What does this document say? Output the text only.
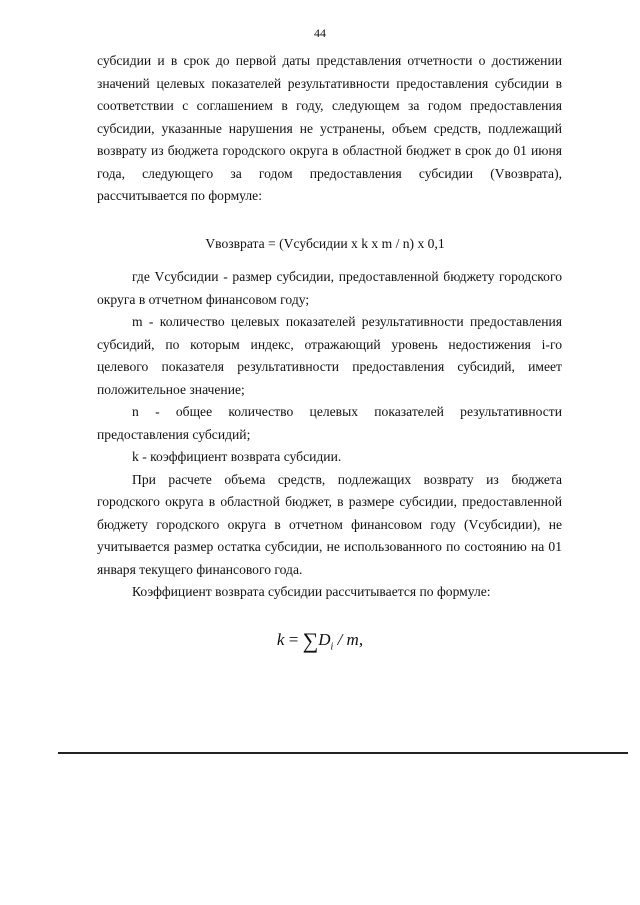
44

субсидии и в срок до первой даты представления отчетности о достижении значений целевых показателей результативности предоставления субсидии в соответствии с соглашением в году, следующем за годом предоставления субсидии, указанные нарушения не устранены, объем средств, подлежащий возврату из бюджета городского округа в областной бюджет в срок до 01 июня года, следующего за годом предоставления субсидии (Vвозврата), рассчитывается по формуле:

Vвозврата = (Vсубсидии x k x m / n) x 0,1

где Vсубсидии - размер субсидии, предоставленной бюджету городского округа в отчетном финансовом году;

m - количество целевых показателей результативности предоставления субсидий, по которым индекс, отражающий уровень недостижения i-го целевого показателя результативности предоставления субсидий, имеет положительное значение;

n - общее количество целевых показателей результативности предоставления субсидий;

k - коэффициент возврата субсидии.

При расчете объема средств, подлежащих возврату из бюджета городского округа в областной бюджет, в размере субсидии, предоставленной бюджету городского округа в отчетном финансовом году (Vсубсидии), не учитывается размер остатка субсидии, не использованного по состоянию на 01 января текущего финансового года.

Коэффициент возврата субсидии рассчитывается по формуле:

$k = \sum D_i / m$,
